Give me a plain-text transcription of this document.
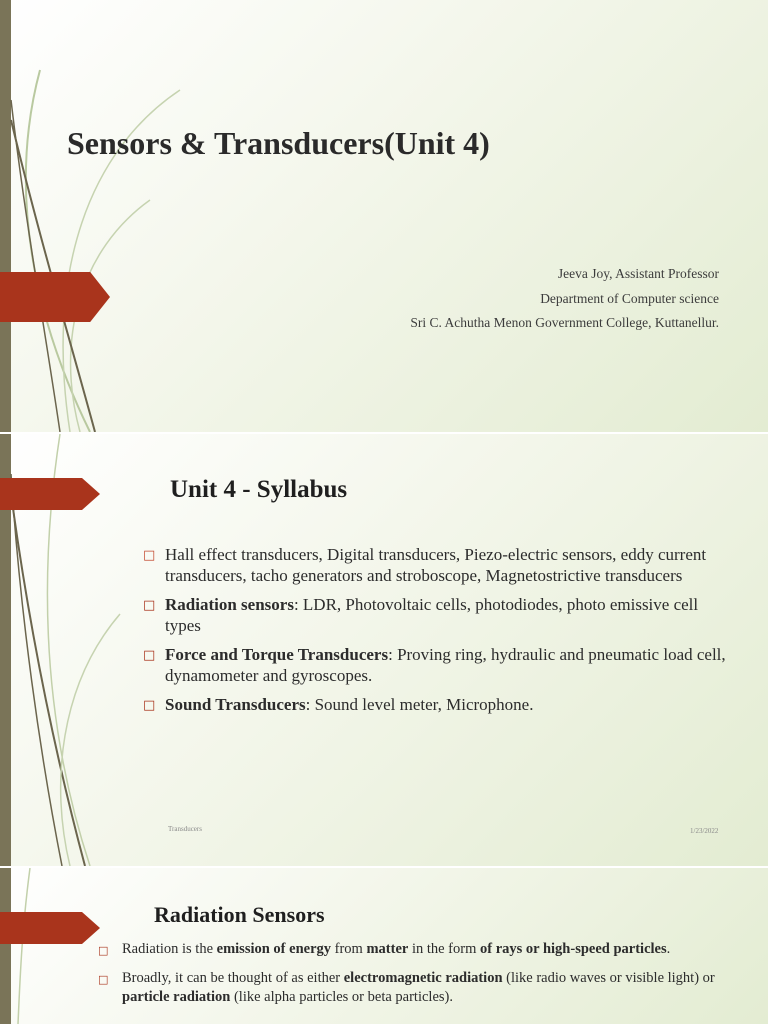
Sensors & Transducers(Unit 4)
Jeeva Joy, Assistant Professor
Department of Computer science
Sri C. Achutha Menon Government College, Kuttanellur.
Unit 4 - Syllabus
□ Hall effect transducers, Digital transducers, Piezo-electric sensors, eddy current transducers, tacho generators and stroboscope, Magnetostrictive transducers
□ Radiation sensors: LDR, Photovoltaic cells, photodiodes, photo emissive cell types
□ Force and Torque Transducers: Proving ring, hydraulic and pneumatic load cell, dynamometer and gyroscopes.
□ Sound Transducers: Sound level meter, Microphone.
Transducers	1/23/2022
Radiation Sensors
□ Radiation is the emission of energy from matter in the form of rays or high-speed particles.
□ Broadly, it can be thought of as either electromagnetic radiation (like radio waves or visible light) or particle radiation (like alpha particles or beta particles).
